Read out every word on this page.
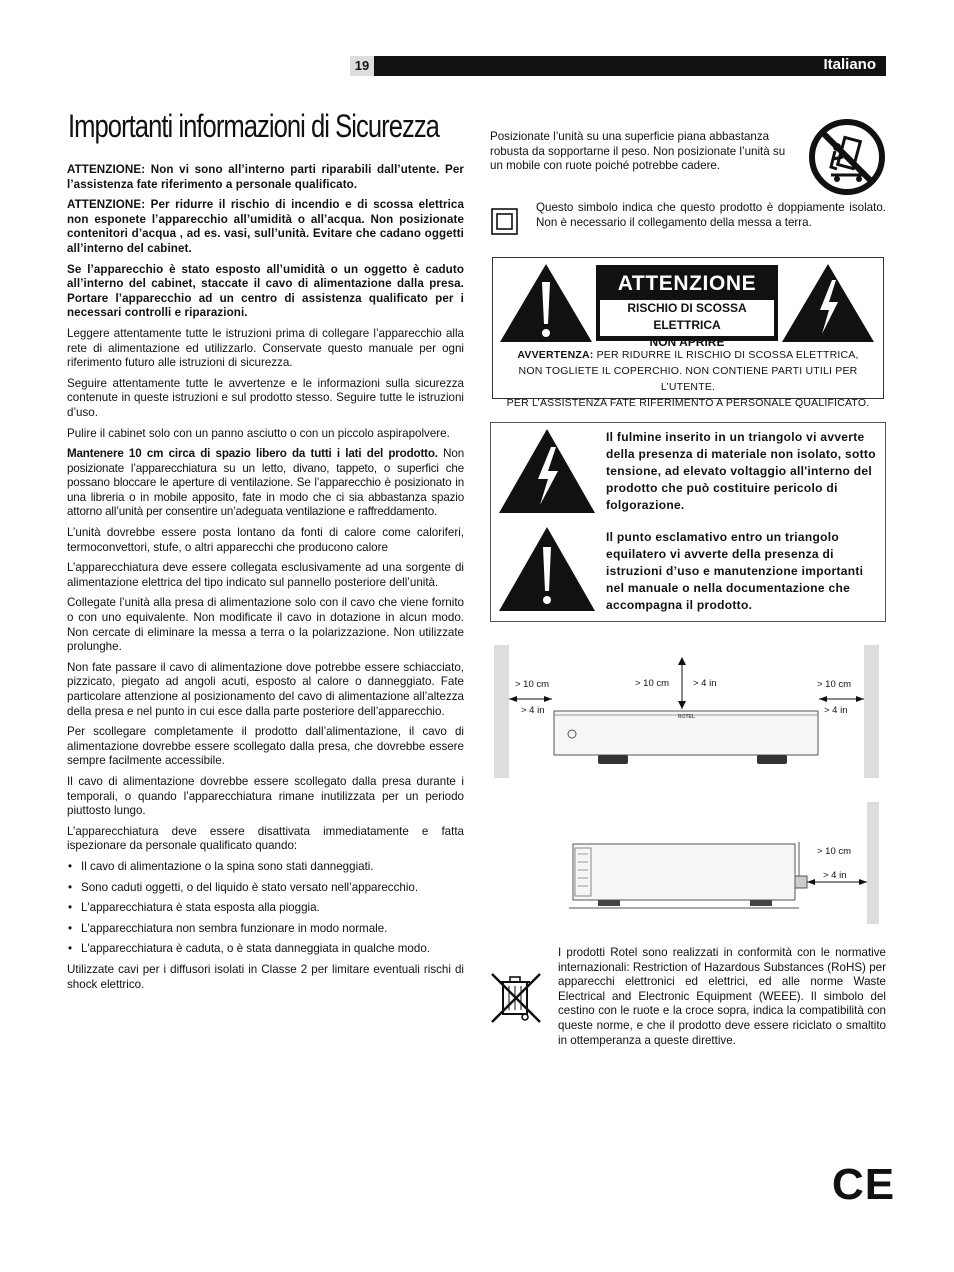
19	Italiano
Importanti informazioni di Sicurezza

ATTENZIONE: Non vi sono all’interno parti riparabili dall’utente. Per l’assistenza fate riferimento a personale qualificato.

ATTENZIONE: Per ridurre il rischio di incendio e di scossa elettrica non esponete l’apparecchio all’umidità o all’acqua. Non posizionate contenitori d’acqua , ad es. vasi, sull’unità. Evitare che cadano oggetti all’interno del cabinet.

Se l’apparecchio è stato esposto all’umidità o un oggetto è caduto all’interno del cabinet, staccate il cavo di alimentazione dalla presa. Portare l’apparecchio ad un centro di assistenza qualificato per i necessari controlli e riparazioni.

Leggere attentamente tutte le istruzioni prima di collegare l’apparecchio alla rete di alimentazione ed utilizzarlo. Conservate questo manuale per ogni riferimento futuro alle istruzioni di sicurezza.

Seguire attentamente tutte le avvertenze e le informazioni sulla sicurezza contenute in queste istruzioni e sul prodotto stesso. Seguire tutte le istruzioni d’uso.

Pulire il cabinet solo con un panno asciutto o con un piccolo aspirapolvere.

Mantenere 10 cm circa di spazio libero da tutti i lati del prodotto. Non posizionate l’apparecchiatura su un letto, divano, tappeto, o superfici che possano bloccare le aperture di ventilazione. Se l’apparecchio è posizionato in una libreria o in mobile apposito, fate in modo che ci sia abbastanza spazio attorno all’unità per consentire un’adeguata ventilazione e raffreddamento.

L’unità dovrebbe essere posta lontano da fonti di calore come caloriferi, termoconvettori, stufe, o altri apparecchi che producono calore

L’apparecchiatura deve essere collegata esclusivamente ad una sorgente di alimentazione elettrica del tipo indicato sul pannello posteriore dell’unità.

Collegate l’unità alla presa di alimentazione solo con il cavo che viene fornito o con uno equivalente. Non modificate il cavo in dotazione in alcun modo. Non cercate di eliminare la messa a terra o la polarizzazione. Non utilizzate prolunghe.

Non fate passare il cavo di alimentazione dove potrebbe essere schiacciato, pizzicato, piegato ad angoli acuti, esposto al calore o danneggiato. Fate particolare attenzione al posizionamento del cavo di alimentazione all’altezza della presa e nel punto in cui esce dalla parte posteriore dell’apparecchio.

Per scollegare completamente il prodotto dall’alimentazione, il cavo di alimentazione dovrebbe essere scollegato dalla presa, che dovrebbe essere sempre facilmente accessibile.

Il cavo di alimentazione dovrebbe essere scollegato dalla presa durante i temporali, o quando l’apparecchiatura rimane inutilizzata per un periodo piuttosto lungo.

L’apparecchiatura deve essere disattivata immediatamente e fatta ispezionare da personale qualificato quando:

• Il cavo di alimentazione o la spina sono stati danneggiati.
• Sono caduti oggetti, o del liquido è stato versato nell’apparecchio.
• L'apparecchiatura è stata esposta alla pioggia.
• L'apparecchiatura non sembra funzionare in modo normale.
• L'apparecchiatura è caduta, o è stata danneggiata in qualche modo.

Utilizzate cavi per i diffusori isolati in Classe 2 per limitare eventuali rischi di shock elettrico.

Posizionate l’unità su una superficie piana abbastanza robusta da sopportarne il peso. Non posizionate l’unità su un mobile con ruote poiché potrebbe cadere.
Questo simbolo indica che questo prodotto è doppiamente isolato. Non è necessario il collegamento della messa a terra.
ATTENZIONE
RISCHIO DI SCOSSA ELETTRICA
NON APRIRE
AVVERTENZA: PER RIDURRE IL RISCHIO DI SCOSSA ELETTRICA,
NON TOGLIETE IL COPERCHIO. NON CONTIENE PARTI UTILI PER L’UTENTE.
PER L’ASSISTENZA FATE RIFERIMENTO A PERSONALE QUALIFICATO.
Il fulmine inserito in un triangolo vi avverte della presenza di materiale non isolato, sotto tensione, ad elevato voltaggio all'interno del prodotto che può costituire pericolo di folgorazione.
Il punto esclamativo entro un triangolo equilatero vi avverte della presenza di istruzioni d’uso e manutenzione importanti nel manuale o nella documentazione che accompagna il prodotto.
> 10 cm
> 4 in
> 10 cm	> 4 in	> 10 cm
> 4 in
ROTEL
> 10 cm
> 4 in
I prodotti Rotel sono realizzati in conformità con le normative internazionali: Restriction of Hazardous Substances (RoHS) per apparecchi elettronici ed elettrici, ed alle norme Waste Electrical and Electronic Equipment (WEEE). Il simbolo del cestino con le ruote e la croce sopra, indica la compatibilità con queste norme, e che il prodotto deve essere riciclato o smaltito in ottemperanza a queste direttive.
CE
